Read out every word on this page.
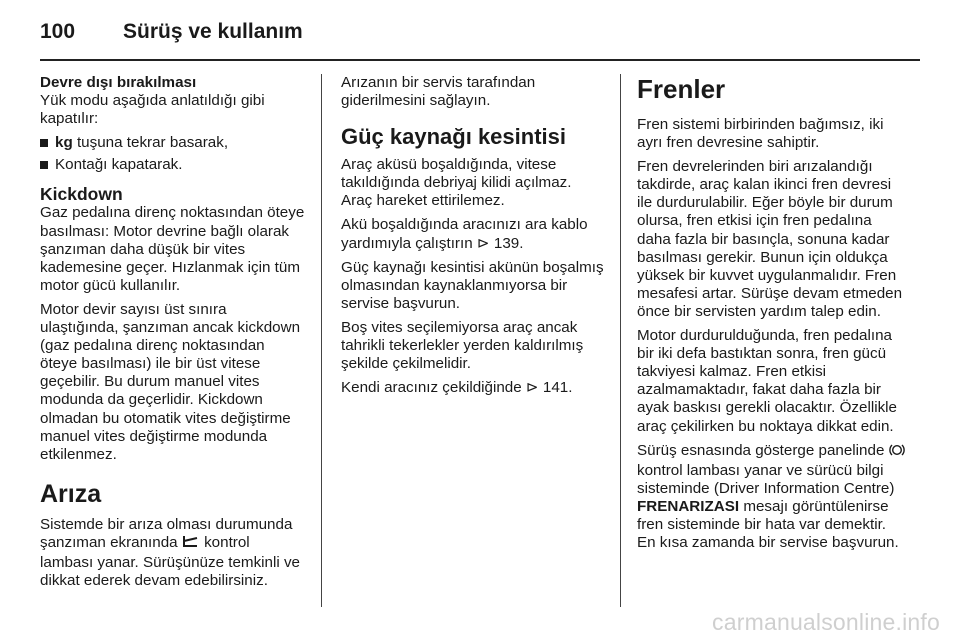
100 Sürüş ve kullanım

Devre dışı bırakılması

Yük modu aşağıda anlatıldığı gibi kapatılır:

kg tuşuna tekrar basarak,
Kontağı kapatarak.

Kickdown

Gaz pedalına direnç noktasından öteye basılması: Motor devrine bağlı olarak şanzıman daha düşük bir vites kademesine geçer. Hızlanmak için tüm motor gücü kullanılır.

Motor devir sayısı üst sınıra ulaştığında, şanzıman ancak kickdown (gaz pedalına direnç noktasından öteye basılması) ile bir üst vitese geçebilir. Bu durum manuel vites modunda da geçerlidir. Kickdown olmadan bu otomatik vites değiştirme manuel vites değiştirme modunda etkilenmez.

Arıza

Sistemde bir arıza olması durumunda şanzıman ekranında  kontrol lambası yanar. Sürüşünüze temkinli ve dikkat ederek devam edebilirsiniz.

Arızanın bir servis tarafından giderilmesini sağlayın.

Güç kaynağı kesintisi

Araç aküsü boşaldığında, vitese takıldığında debriyaj kilidi açılmaz. Araç hareket ettirilemez.

Akü boşaldığında aracınızı ara kablo yardımıyla çalıştırın ⊳ 139.

Güç kaynağı kesintisi akünün boşalmış olmasından kaynaklanmıyorsa bir servise başvurun.

Boş vites seçilemiyorsa araç ancak tahrikli tekerlekler yerden kaldırılmış şekilde çekilmelidir.

Kendi aracınız çekildiğinde ⊳ 141.

Frenler

Fren sistemi birbirinden bağımsız, iki ayrı fren devresine sahiptir.

Fren devrelerinden biri arızalandığı takdirde, araç kalan ikinci fren devresi ile durdurulabilir. Eğer böyle bir durum olursa, fren etkisi için fren pedalına daha fazla bir basınçla, sonuna kadar basılması gerekir. Bunun için oldukça yüksek bir kuvvet uygulanmalıdır. Fren mesafesi artar. Sürüşe devam etmeden önce bir servisten yardım talep edin.

Motor durdurulduğunda, fren pedalına bir iki defa bastıktan sonra, fren gücü takviyesi kalmaz. Fren etkisi azalmamaktadır, fakat daha fazla bir ayak baskısı gerekli olacaktır. Özellikle araç çekilirken bu noktaya dikkat edin.

Sürüş esnasında gösterge panelinde  kontrol lambası yanar ve sürücü bilgi sisteminde (Driver Information Centre) FRENARIZASI mesajı görüntülenirse fren sisteminde bir hata var demektir. En kısa zamanda bir servise başvurun.

carmanualsonline.info
